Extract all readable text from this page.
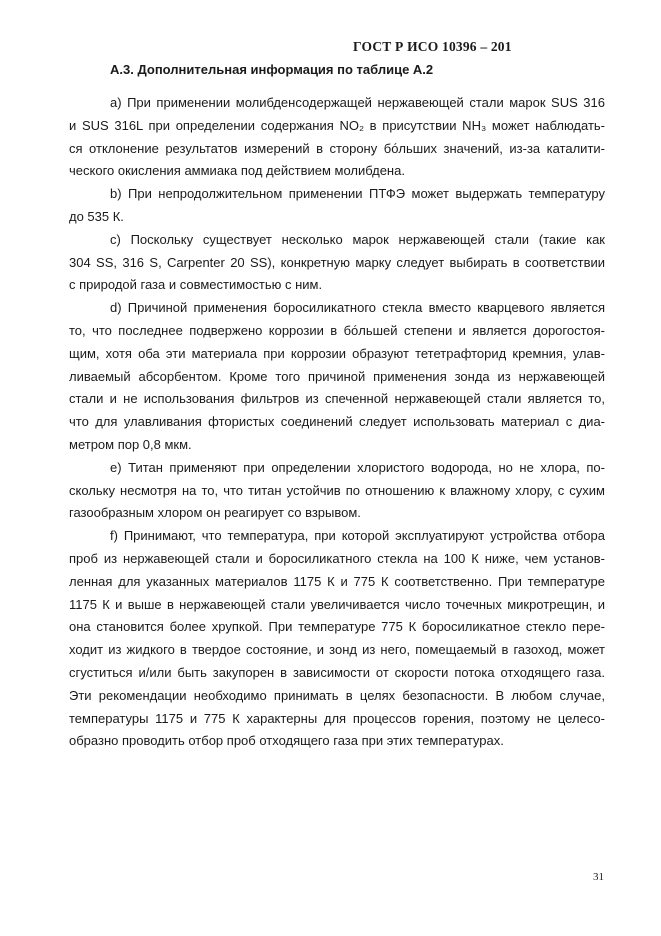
ГОСТ Р ИСО 10396 – 201
А.3. Дополнительная информация по таблице А.2

а) При применении молибденсодержащей нержавеющей стали марок SUS 316
и SUS 316L при определении содержания NO₂ в присутствии NH₃ может наблюдать-
ся отклонение результатов измерений в сторону бо́льших значений, из-за каталити-
ческого окисления аммиака под действием молибдена.

b) При непродолжительном применении ПТФЭ может выдержать температуру
до 535 К.

c) Поскольку существует несколько марок нержавеющей стали (такие как
304 SS, 316 S, Carpenter 20 SS), конкретную марку следует выбирать в соответствии
с природой газа и совместимостью с ним.

d) Причиной применения боросиликатного стекла вместо кварцевого является
то, что последнее подвержено коррозии в бо́льшей степени и является дорогостоя-
щим, хотя оба эти материала при коррозии образуют тететрафторид кремния, улав-
ливаемый абсорбентом. Кроме того причиной применения зонда из нержавеющей
стали и не использования фильтров из спеченной нержавеющей стали является то,
что для улавливания фтористых соединений следует использовать материал с диа-
метром пор 0,8 мкм.

e) Титан применяют при определении хлористого водорода, но не хлора, по-
скольку несмотря на то, что титан устойчив по отношению к влажному хлору, с сухим
газообразным хлором он реагирует со взрывом.

f) Принимают, что температура, при которой эксплуатируют устройства отбора
проб из нержавеющей стали и боросиликатного стекла на 100 К ниже, чем установ-
ленная для указанных материалов 1175 К и 775 К соответственно. При температуре
1175 К и выше в нержавеющей стали увеличивается число точечных микротрещин, и
она становится более хрупкой. При температуре 775 К боросиликатное стекло пере-
ходит из жидкого в твердое состояние, и зонд из него, помещаемый в газоход, может
сгуститься и/или быть закупорен в зависимости от скорости потока отходящего газа.
Эти рекомендации необходимо принимать в целях безопасности. В любом случае,
температуры 1175 и 775 К характерны для процессов горения, поэтому не целесо-
образно проводить отбор проб отходящего газа при этих температурах.

31
